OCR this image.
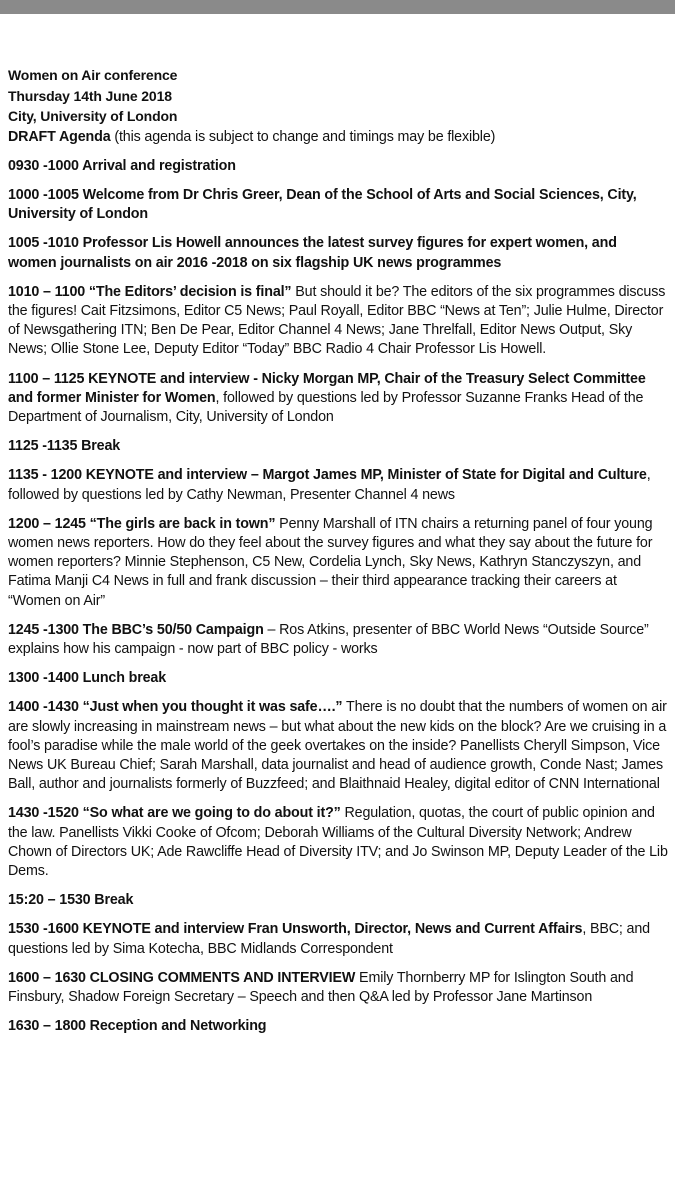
Women on Air conference

Thursday 14th June 2018

City, University of London

DRAFT Agenda (this agenda is subject to change and timings may be flexible)

0930 -1000 Arrival and registration

1000 -1005 Welcome from Dr Chris Greer, Dean of the School of Arts and Social Sciences, City, University of London

1005 -1010 Professor Lis Howell announces the latest survey figures for expert women, and women journalists on air 2016 -2018 on six flagship UK news programmes

1010 – 1100 “The Editors’ decision is final” But should it be? The editors of the six programmes discuss the figures! Cait Fitzsimons, Editor C5 News; Paul Royall, Editor BBC “News at Ten”; Julie Hulme, Director of Newsgathering ITN; Ben De Pear, Editor Channel 4 News; Jane Threlfall, Editor News Output, Sky News; Ollie Stone Lee, Deputy Editor “Today” BBC Radio 4 Chair Professor Lis Howell.

1100 – 1125 KEYNOTE and interview - Nicky Morgan MP, Chair of the Treasury Select Committee and former Minister for Women, followed by questions led by Professor Suzanne Franks Head of the Department of Journalism, City, University of London

1125 -1135 Break

1135 - 1200 KEYNOTE and interview – Margot James MP, Minister of State for Digital and Culture, followed by questions led by Cathy Newman, Presenter Channel 4 news

1200 – 1245 “The girls are back in town” Penny Marshall of ITN chairs a returning panel of four young women news reporters. How do they feel about the survey figures and what they say about the future for women reporters? Minnie Stephenson, C5 New, Cordelia Lynch, Sky News, Kathryn Stanczyszyn, and Fatima Manji C4 News in full and frank discussion – their third appearance tracking their careers at “Women on Air”

1245 -1300 The BBC’s 50/50 Campaign – Ros Atkins, presenter of BBC World News “Outside Source” explains how his campaign - now part of BBC policy - works

1300 -1400 Lunch break

1400 -1430 “Just when you thought it was safe….” There is no doubt that the numbers of women on air are slowly increasing in mainstream news – but what about the new kids on the block? Are we cruising in a fool’s paradise while the male world of the geek overtakes on the inside? Panellists Cheryll Simpson, Vice News UK Bureau Chief; Sarah Marshall, data journalist and head of audience growth, Conde Nast; James Ball, author and journalists formerly of Buzzfeed; and Blaithnaid Healey, digital editor of CNN International

1430 -1520 “So what are we going to do about it?” Regulation, quotas, the court of public opinion and the law. Panellists Vikki Cooke of Ofcom; Deborah Williams of the Cultural Diversity Network; Andrew Chown of Directors UK; Ade Rawcliffe Head of Diversity ITV; and Jo Swinson MP, Deputy Leader of the Lib Dems.

15:20 – 1530 Break

1530 -1600 KEYNOTE and interview Fran Unsworth, Director, News and Current Affairs, BBC; and questions led by Sima Kotecha, BBC Midlands Correspondent

1600 – 1630 CLOSING COMMENTS AND INTERVIEW Emily Thornberry MP for Islington South and Finsbury, Shadow Foreign Secretary – Speech and then Q&A led by Professor Jane Martinson

1630 – 1800 Reception and Networking
